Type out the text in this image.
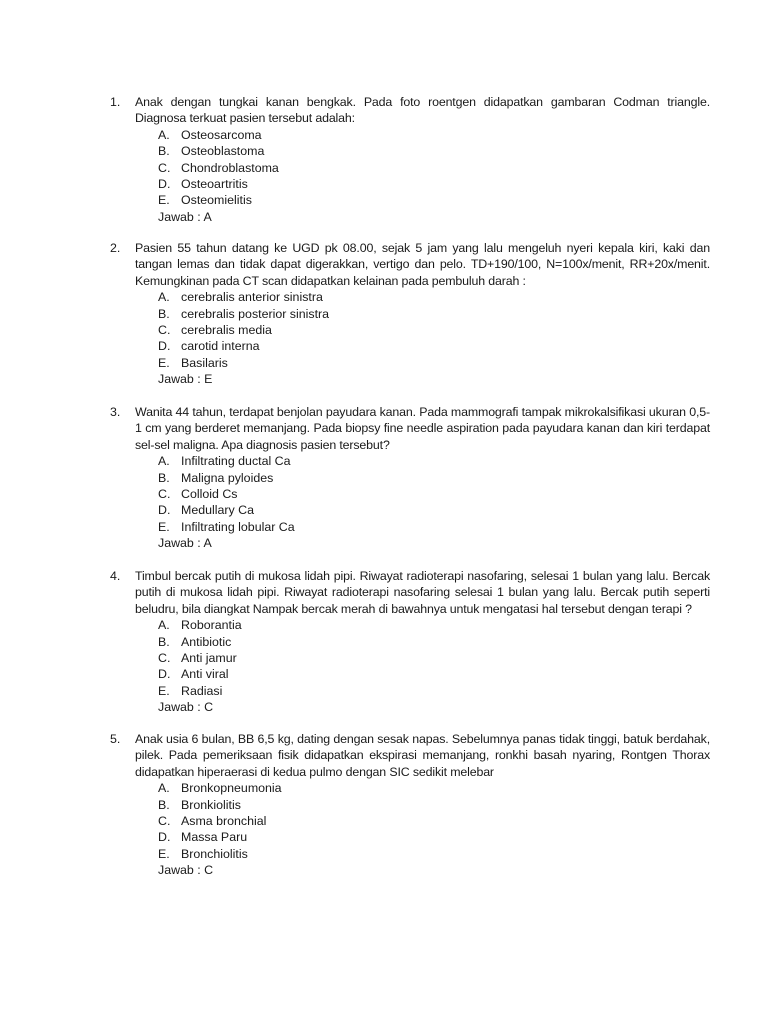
1.	Anak dengan tungkai kanan bengkak. Pada foto roentgen didapatkan gambaran Codman triangle. Diagnosa terkuat pasien tersebut adalah:
A. Osteosarcoma
B. Osteoblastoma
C. Chondroblastoma
D. Osteoartritis
E. Osteomielitis
Jawab : A
2.	Pasien 55 tahun datang ke UGD pk 08.00, sejak 5 jam yang lalu mengeluh nyeri kepala kiri, kaki dan tangan lemas dan tidak dapat digerakkan, vertigo dan pelo. TD+190/100, N=100x/menit, RR+20x/menit. Kemungkinan pada CT scan didapatkan kelainan pada pembuluh darah :
A. cerebralis anterior sinistra
B. cerebralis posterior sinistra
C. cerebralis media
D. carotid interna
E. Basilaris
Jawab : E
3.	Wanita 44 tahun, terdapat benjolan payudara kanan. Pada mammografi tampak mikrokalsifikasi ukuran 0,5-1 cm yang berderet memanjang. Pada biopsy fine needle aspiration pada payudara kanan dan kiri terdapat sel-sel maligna. Apa diagnosis pasien tersebut?
A. Infiltrating ductal Ca
B. Maligna pyloides
C. Colloid Cs
D. Medullary Ca
E. Infiltrating lobular Ca
Jawab : A
4.	Timbul bercak putih di mukosa lidah pipi. Riwayat radioterapi nasofaring, selesai 1 bulan yang lalu. Bercak putih di mukosa lidah pipi. Riwayat radioterapi nasofaring selesai 1 bulan yang lalu. Bercak putih seperti beludru, bila diangkat Nampak bercak merah di bawahnya untuk mengatasi hal tersebut dengan terapi ?
A. Roborantia
B. Antibiotic
C. Anti jamur
D. Anti viral
E. Radiasi
Jawab : C
5.	Anak usia 6 bulan, BB 6,5 kg, dating dengan sesak napas. Sebelumnya panas tidak tinggi, batuk berdahak, pilek. Pada pemeriksaan fisik didapatkan ekspirasi memanjang, ronkhi basah nyaring, Rontgen Thorax didapatkan hiperaerasi di kedua pulmo dengan SIC sedikit melebar
A. Bronkopneumonia
B. Bronkiolitis
C. Asma bronchial
D. Massa Paru
E. Bronchiolitis
Jawab : C
